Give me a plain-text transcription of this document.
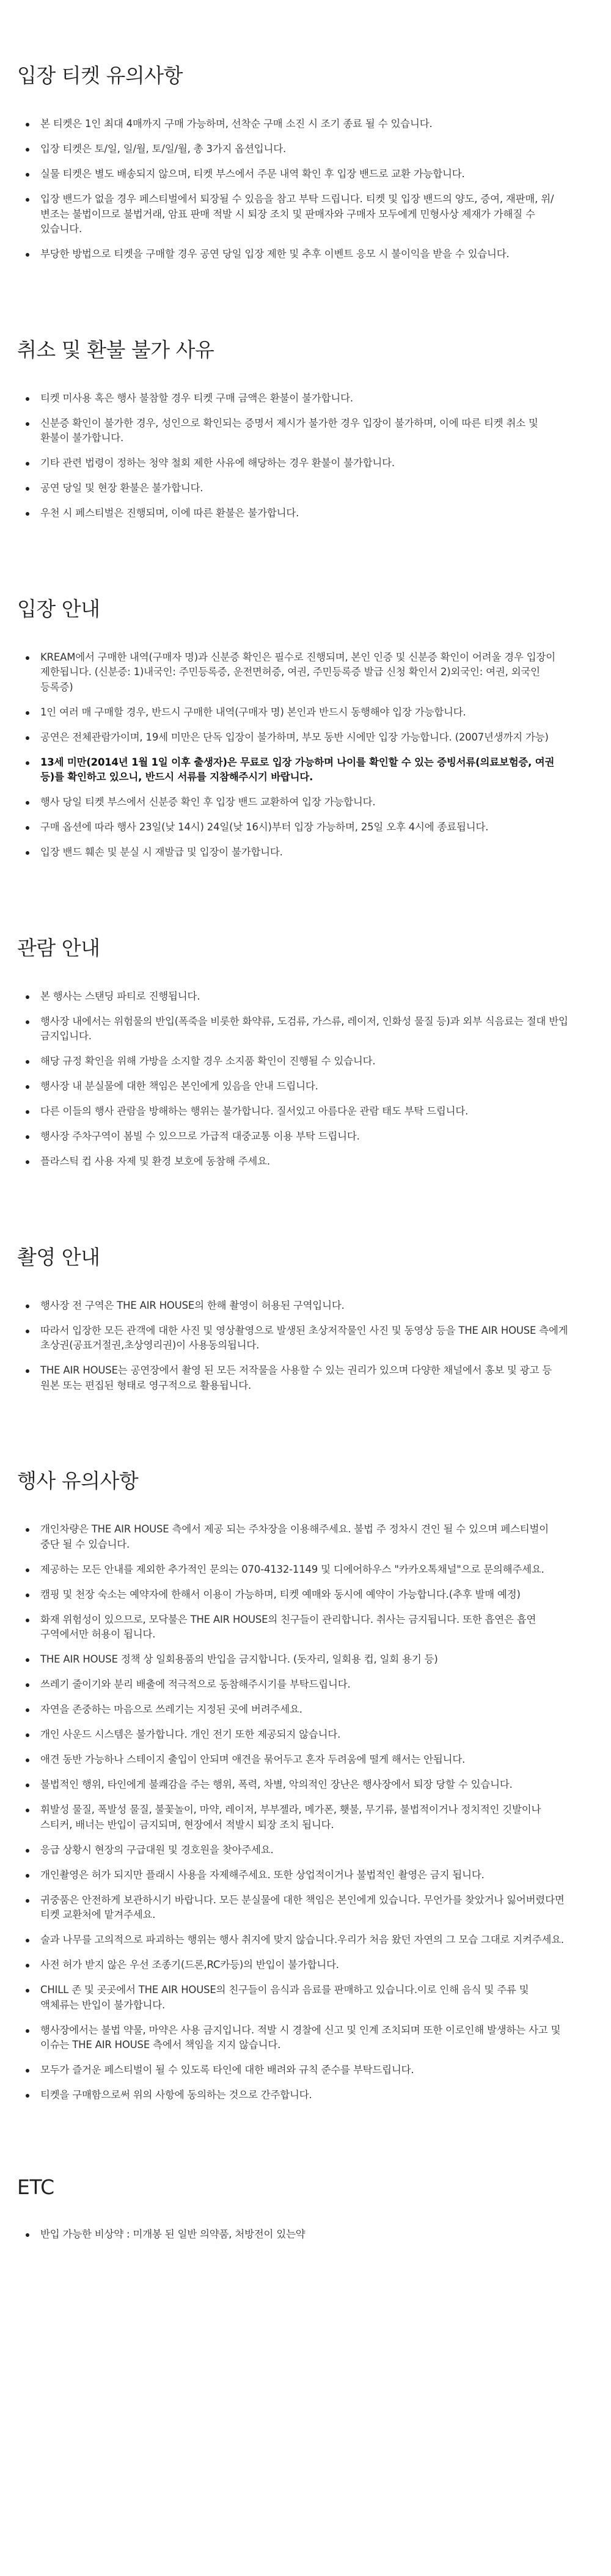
입장 티켓 유의사항
본 티켓은 1인 최대 4매까지 구매 가능하며, 선착순 구매 소진 시 조기 종료 될 수 있습니다.
입장 티켓은 토/일, 일/월, 토/일/월, 총 3가지 옵션입니다.
실물 티켓은 별도 배송되지 않으며, 티켓 부스에서 주문 내역 확인 후 입장 밴드로 교환 가능합니다.
입장 밴드가 없을 경우 페스티벌에서 퇴장될 수 있음을 참고 부탁 드립니다. 티켓 및 입장 밴드의 양도, 증여, 재판매, 위/변조는 불법이므로 불법거래, 암표 판매 적발 시 퇴장 조치 및 판매자와 구매자 모두에게 민형사상 제재가 가해질 수 있습니다.
부당한 방법으로 티켓을 구매할 경우 공연 당일 입장 제한 및 추후 이벤트 응모 시 불이익을 받을 수 있습니다.
취소 및 환불 불가 사유
티켓 미사용 혹은 행사 불참할 경우 티켓 구매 금액은 환불이 불가합니다.
신분증 확인이 불가한 경우, 성인으로 확인되는 증명서 제시가 불가한 경우 입장이 불가하며, 이에 따른 티켓 취소 및 환불이 불가합니다.
기타 관련 법령이 정하는 청약 철회 제한 사유에 해당하는 경우 환불이 불가합니다.
공연 당일 및 현장 환불은 불가합니다.
우천 시 페스티벌은 진행되며, 이에 따른 환불은 불가합니다.
입장 안내
KREAM에서 구매한 내역(구매자 명)과 신분증 확인은 필수로 진행되며, 본인 인증 및 신분증 확인이 어려울 경우 입장이 제한됩니다. (신분증: 1)내국인: 주민등록증, 운전면허증, 여권, 주민등록증 발급 신청 확인서 2)외국인: 여권, 외국인 등록증)
1인 여러 매 구매할 경우, 반드시 구매한 내역(구매자 명) 본인과 반드시 동행해야 입장 가능합니다.
공연은 전체관람가이며, 19세 미만은 단독 입장이 불가하며, 부모 동반 시에만 입장 가능합니다. (2007년생까지 가능)
13세 미만(2014년 1월 1일 이후 출생자)은 무료로 입장 가능하며 나이를 확인할 수 있는 증빙서류(의료보험증, 여권 등)를 확인하고 있으니, 반드시 서류를 지참해주시기 바랍니다.
행사 당일 티켓 부스에서 신분증 확인 후 입장 밴드 교환하여 입장 가능합니다.
구매 옵션에 따라 행사 23일(낮 14시) 24일(낮 16시)부터 입장 가능하며, 25일 오후 4시에 종료됩니다.
입장 밴드 훼손 및 분실 시 재발급 및 입장이 불가합니다.
관람 안내
본 행사는 스탠딩 파티로 진행됩니다.
행사장 내에서는 위험물의 반입(폭죽을 비롯한 화약류, 도검류, 가스류, 레이저, 인화성 물질 등)과 외부 식음료는 절대 반입 금지입니다.
해당 규정 확인을 위해 가방을 소지할 경우 소지품 확인이 진행될 수 있습니다.
행사장 내 분실물에 대한 책임은 본인에게 있음을 안내 드립니다.
다른 이들의 행사 관람을 방해하는 행위는 불가합니다. 질서있고 아름다운 관람 태도 부탁 드립니다.
행사장 주차구역이 봄빌 수 있으므로 가급적 대중교통 이용 부탁 드립니다.
플라스틱 컵 사용 자제 및 환경 보호에 동참해 주세요.
촬영 안내
행사장 전 구역은 THE AIR HOUSE의 한해 촬영이 허용된 구역입니다.
따라서 입장한 모든 관객에 대한 사진 및 영상촬영으로 발생된 초상저작물인 사진 및 동영상 등을 THE AIR HOUSE 측에게 초상권(공표거절권,초상영리권)이 사용동의됩니다.
THE AIR HOUSE는 공연장에서 촬영 된 모든 저작물을 사용할 수 있는 권리가 있으며 다양한 채널에서 홍보 및 광고 등 원본 또는 편집된 형태로 영구적으로 활용됩니다.
행사 유의사항
개인차량은 THE AIR HOUSE 측에서 제공 되는 주차장을 이용해주세요. 불법 주 정차시 견인 될 수 있으며 페스티벌이 중단 될 수 있습니다.
제공하는 모든 안내를 제외한 추가적인 문의는 070-4132-1149 및 디에어하우스 "카카오톡채널"으로 문의해주세요.
캠핑 및 천장 숙소는 예약자에 한해서 이용이 가능하며, 티켓 예매와 동시에 예약이 가능합니다.(추후 발매 예정)
화재 위험성이 있으므로, 모닥불은 THE AIR HOUSE의 친구들이 관리합니다. 취사는 금지됩니다. 또한 흡연은 흡연 구역에서만 허용이 됩니다.
THE AIR HOUSE 정책 상 일회용품의 반입을 금지합니다. (돗자리, 일회용 컵, 일회 용기 등)
쓰레기 줄이기와 분리 배출에 적극적으로 동참해주시기를 부탁드립니다.
자연을 존중하는 마음으로 쓰레기는 지정된 곳에 버려주세요.
개인 사운드 시스템은 불가합니다. 개인 전기 또한 제공되지 않습니다.
애견 동반 가능하나 스테이지 출입이 안되며 애견을 묶어두고 혼자 두려움에 떨게 해서는 안됩니다.
불법적인 행위, 타인에게 불쾌감을 주는 행위, 폭력, 차별, 악의적인 장난은 행사장에서 퇴장 당할 수 있습니다.
휘발성 물질, 폭발성 물질, 불꽃놀이, 마약, 레이저, 부부젤라, 메가폰, 횃불, 무기류, 불법적이거나 정치적인 깃발이나 스티커, 배너는 반입이 금지되며, 현장에서 적발시 퇴장 조치 됩니다.
응급 상황시 현장의 구급대원 및 경호원을 찾아주세요.
개인촬영은 허가 되지만 플래시 사용을 자제해주세요. 또한 상업적이거나 불법적인 촬영은 금지 됩니다.
귀중품은 안전하게 보관하시기 바랍니다. 모든 분실물에 대한 책임은 본인에게 있습니다. 무언가를 찾았거나 잃어버렸다면 티켓 교환처에 맡겨주세요.
술과 나무를 고의적으로 파괴하는 행위는 행사 취지에 맞지 않습니다.우리가 처음 왔던 자연의 그 모습 그대로 지켜주세요.
사전 허가 받지 않은 우선 조종기(드론,RC카등)의 반입이 불가합니다.
CHILL 존 및 곳곳에서 THE AIR HOUSE의 친구들이 음식과 음료를 판매하고 있습니다.이로 인해 음식 및 주류 및 액체류는 반입이 불가합니다.
행사장에서는 불법 약물, 마약은 사용 금지입니다. 적발 시 경찰에 신고 및 인계 조치되며 또한 이로인해 발생하는 사고 및 이슈는 THE AIR HOUSE 측에서 책임을 지지 않습니다.
모두가 즐거운 페스티벌이 될 수 있도록 타인에 대한 배려와 규칙 준수를 부탁드립니다.
티켓을 구매함으로써 위의 사항에 동의하는 것으로 간주합니다.
ETC
반입 가능한 비상약 : 미개봉 된 일반 의약품, 처방전이 있는약
